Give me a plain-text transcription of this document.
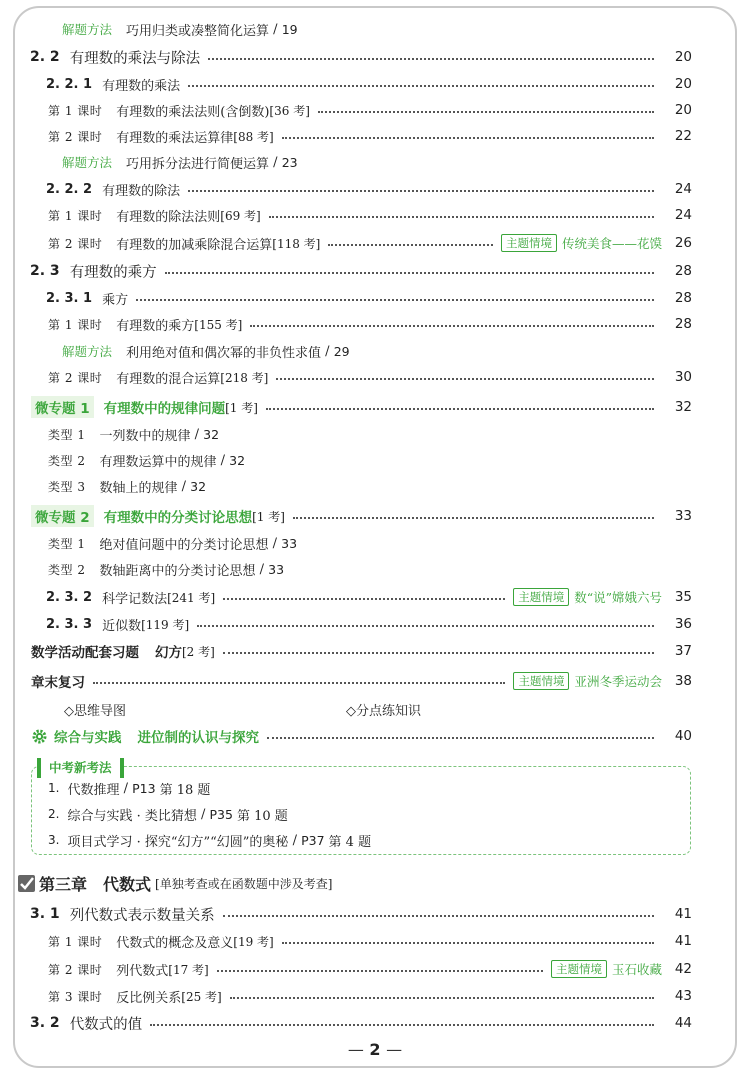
解题方法 巧用归类或凑整简化运算 / 19
2. 2 有理数的乘法与除法	20
2. 2. 1 有理数的乘法	20
第 1 课时 有理数的乘法法则(含倒数) [36 考]	20
第 2 课时 有理数的乘法运算律 [88 考]	22
解题方法 巧用拆分法进行简便运算 / 23
2. 2. 2 有理数的除法	24
第 1 课时 有理数的除法法则 [69 考]	24
第 2 课时 有理数的加减乘除混合运算 [118 考]	主题情境 传统美食——花馍 26
2. 3 有理数的乘方	28
2. 3. 1 乘方	28
第 1 课时 有理数的乘方 [155 考]	28
解题方法 利用绝对值和偶次幂的非负性求值 / 29
第 2 课时 有理数的混合运算 [218 考]	30
微专题 1 有理数中的规律问题 [1 考]	32
类型 1 一列数中的规律 / 32
类型 2 有理数运算中的规律 / 32
类型 3 数轴上的规律 / 32
微专题 2 有理数中的分类讨论思想 [1 考]	33
类型 1 绝对值问题中的分类讨论思想 / 33
类型 2 数轴距离中的分类讨论思想 / 33
2. 3. 2 科学记数法 [241 考]	主题情境 数“说”嫦娥六号 35
2. 3. 3 近似数 [119 考]	36
数学活动配套习题 幻方 [2 考]	37
章末复习	主题情境 亚洲冬季运动会 38
◇思维导图	◇分点练知识
综合与实践 进位制的认识与探究	40
中考新考法
1. 代数推理 / P13
第 18 题
2. 综合与实践 · 类比猜想 / P35
第 10 题
3. 项目式学习 · 探究“幻方”“幻圆”的奥秘 / P37
第 4 题
第三章　代数式 [单独考查或在函数题中涉及考查]
3. 1 列代数式表示数量关系	41
第 1 课时 代数式的概念及意义 [19 考]	41
第 2 课时 列代数式 [17 考]	主题情境 玉石收藏 42
第 3 课时 反比例关系 [25 考]	43
3. 2 代数式的值	44
— 2 —
